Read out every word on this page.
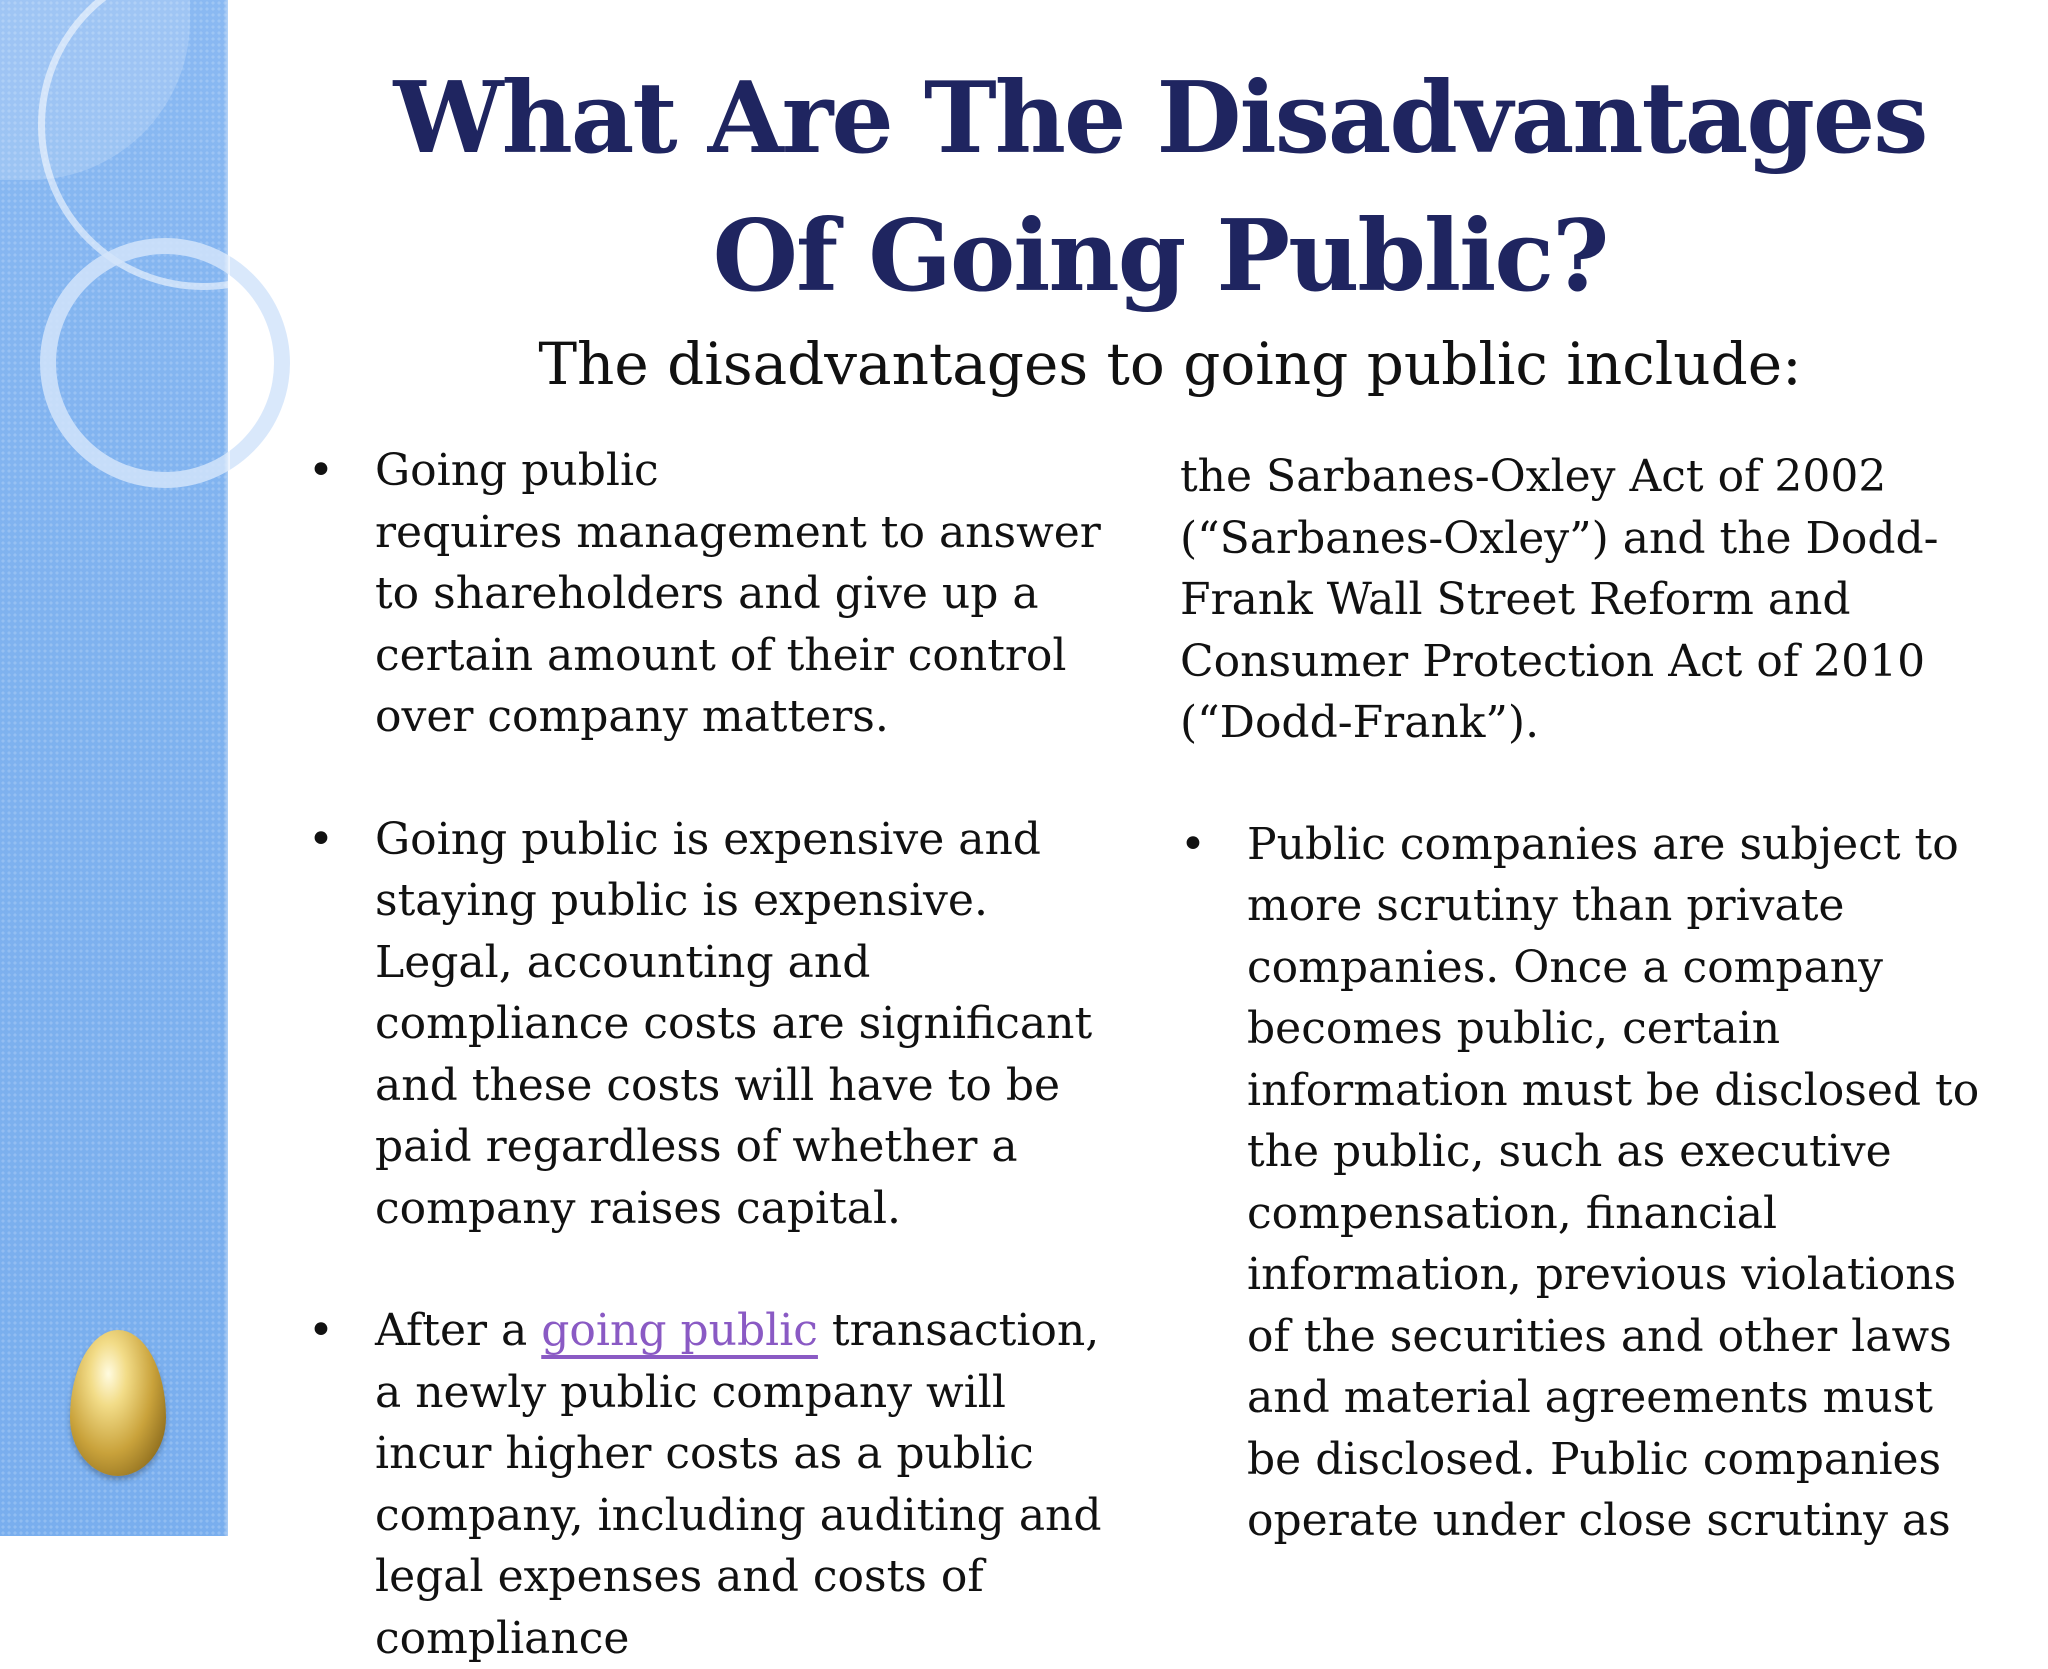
What Are The Disadvantages Of Going Public?

The disadvantages to going public include:

• Going public
requires management to answer to shareholders and give up a certain amount of their control over company matters.
• Going public is expensive and staying public is expensive. Legal, accounting and compliance costs are significant and these costs will have to be paid regardless of whether a company raises capital.
• After a going public transaction, a newly public company will incur higher costs as a public company, including auditing and legal expenses and costs of compliance
the Sarbanes-Oxley Act of 2002 (“Sarbanes-Oxley”) and the Dodd-Frank Wall Street Reform and Consumer Protection Act of 2010 (“Dodd-Frank”).
• Public companies are subject to more scrutiny than private companies. Once a company becomes public, certain information must be disclosed to the public, such as executive compensation, financial information, previous violations of the securities and other laws and material agreements must be disclosed. Public companies operate under close scrutiny as
